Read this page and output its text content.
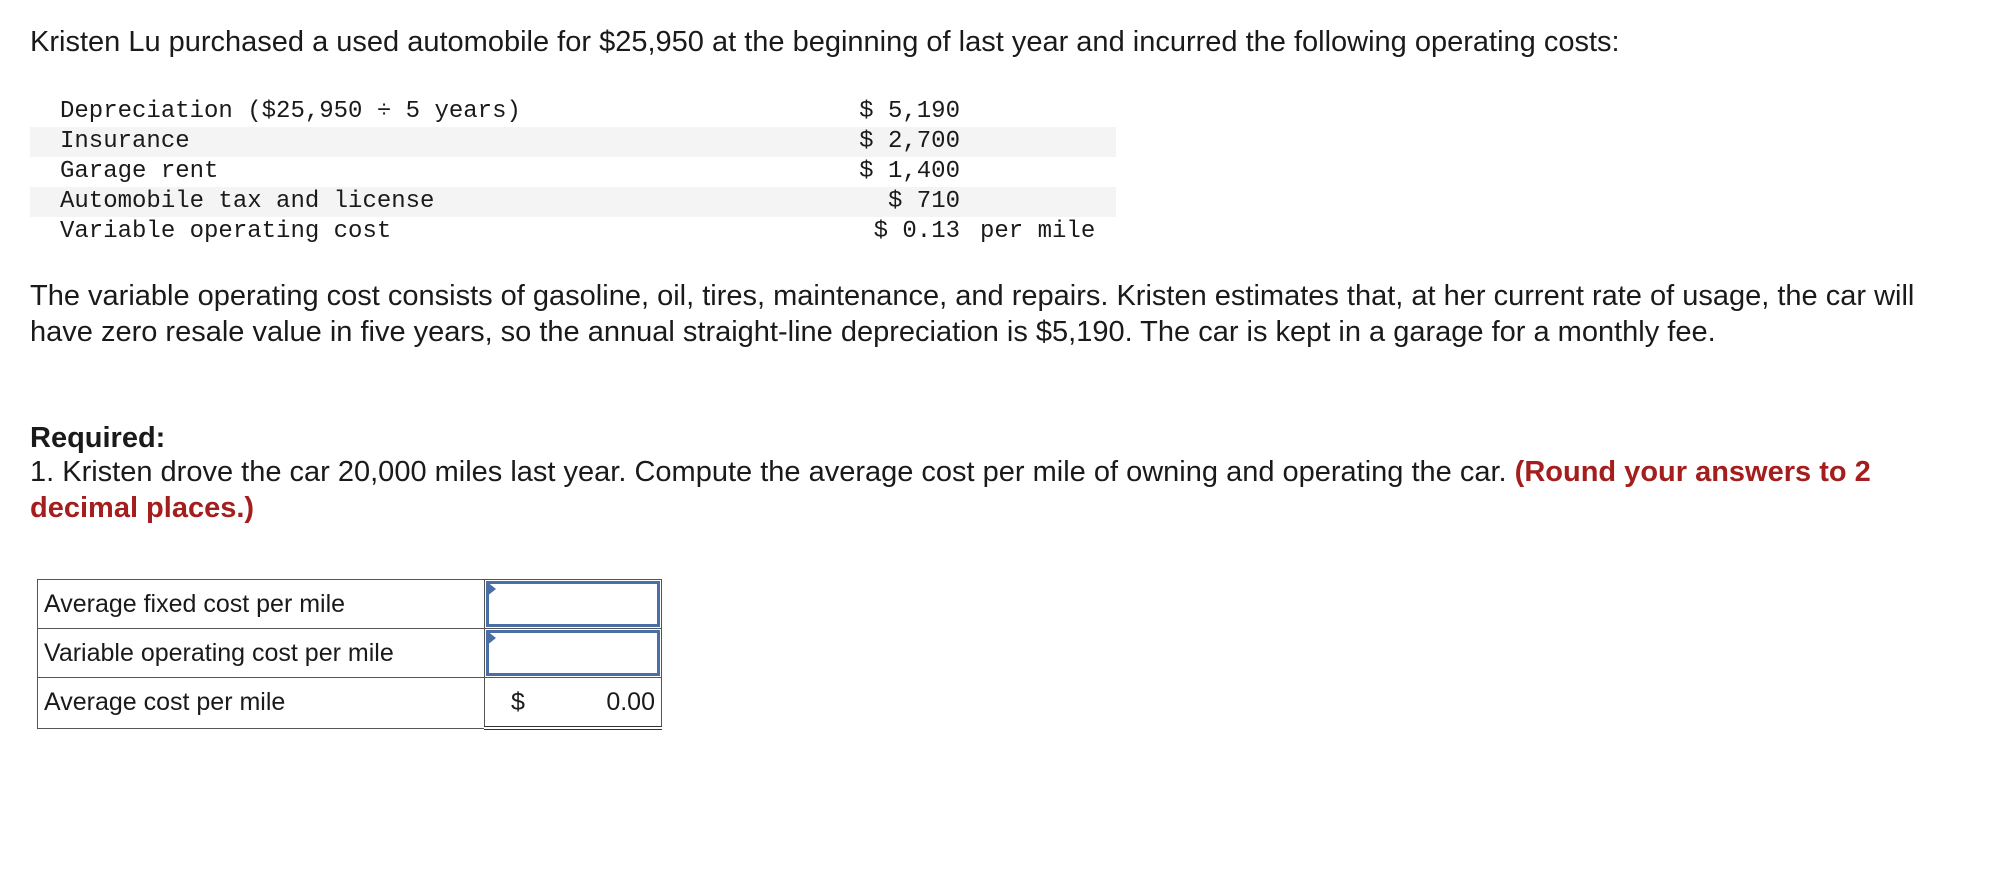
Kristen Lu purchased a used automobile for $25,950 at the beginning of last year and incurred the following operating costs:
Depreciation ($25,950 ÷ 5 years)	$ 5,190	
Insurance	$ 2,700	
Garage rent	$ 1,400	
Automobile tax and license	$ 710	
Variable operating cost	$ 0.13	per mile
The variable operating cost consists of gasoline, oil, tires, maintenance, and repairs. Kristen estimates that, at her current rate of usage, the car will have zero resale value in five years, so the annual straight-line depreciation is $5,190. The car is kept in a garage for a monthly fee.
Required:
1. Kristen drove the car 20,000 miles last year. Compute the average cost per mile of owning and operating the car. (Round your answers to 2 decimal places.)
Average fixed cost per mile	

Variable operating cost per mile	

Average cost per mile	$ 0.00
